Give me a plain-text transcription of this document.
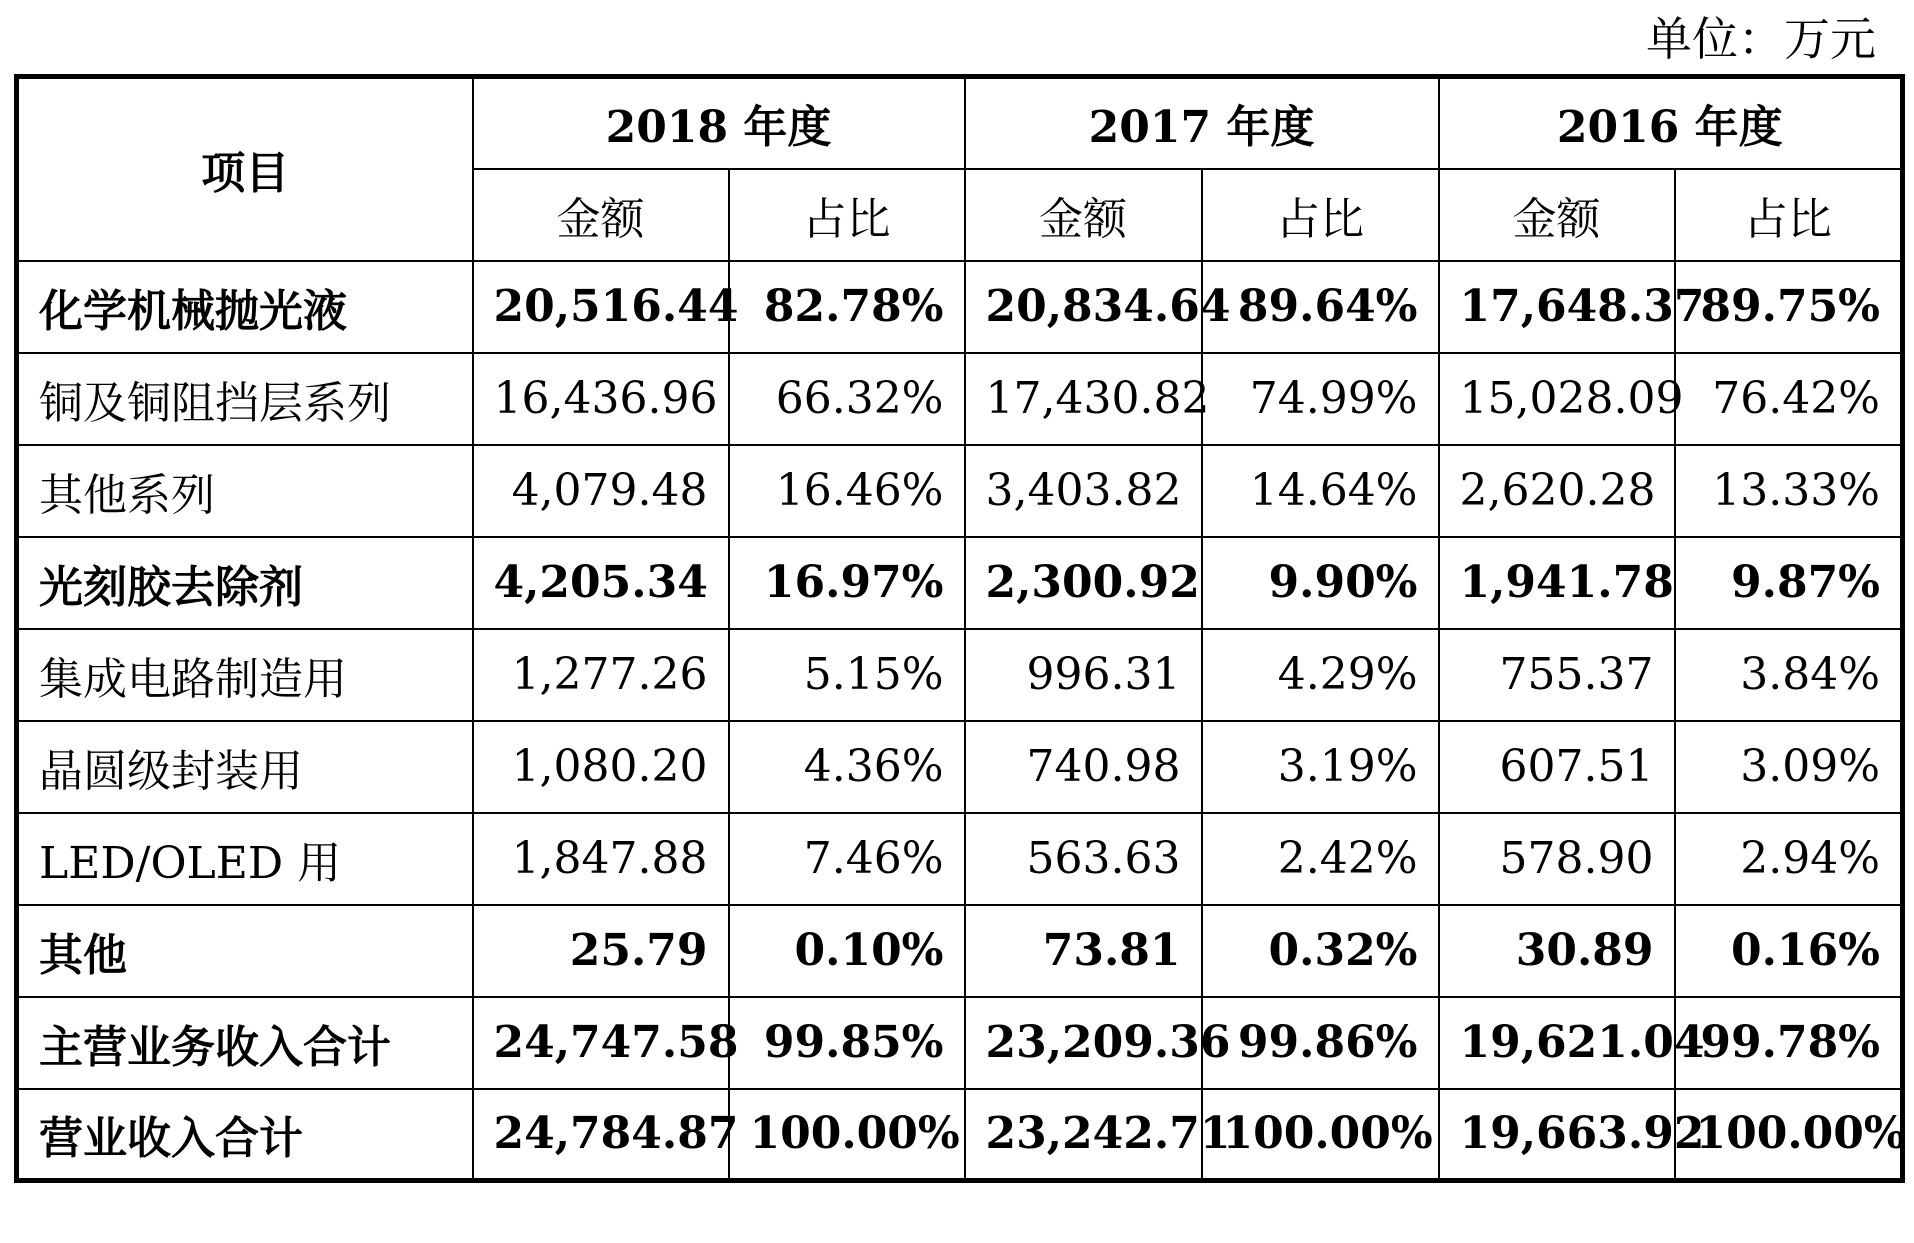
单位：万元
项目	2018 年度		2017 年度		2016 年度	
	金额	占比	金额	占比	金额	占比
化学机械抛光液	20,516.44	82.78%	20,834.64	89.64%	17,648.37	89.75%
铜及铜阻挡层系列	16,436.96	66.32%	17,430.82	74.99%	15,028.09	76.42%
其他系列	4,079.48	16.46%	3,403.82	14.64%	2,620.28	13.33%
光刻胶去除剂	4,205.34	16.97%	2,300.92	9.90%	1,941.78	9.87%
集成电路制造用	1,277.26	5.15%	996.31	4.29%	755.37	3.84%
晶圆级封装用	1,080.20	4.36%	740.98	3.19%	607.51	3.09%
LED/OLED 用	1,847.88	7.46%	563.63	2.42%	578.90	2.94%
其他	25.79	0.10%	73.81	0.32%	30.89	0.16%
主营业务收入合计	24,747.58	99.85%	23,209.36	99.86%	19,621.04	99.78%
营业收入合计	24,784.87	100.00%	23,242.71	100.00%	19,663.92	100.00%
